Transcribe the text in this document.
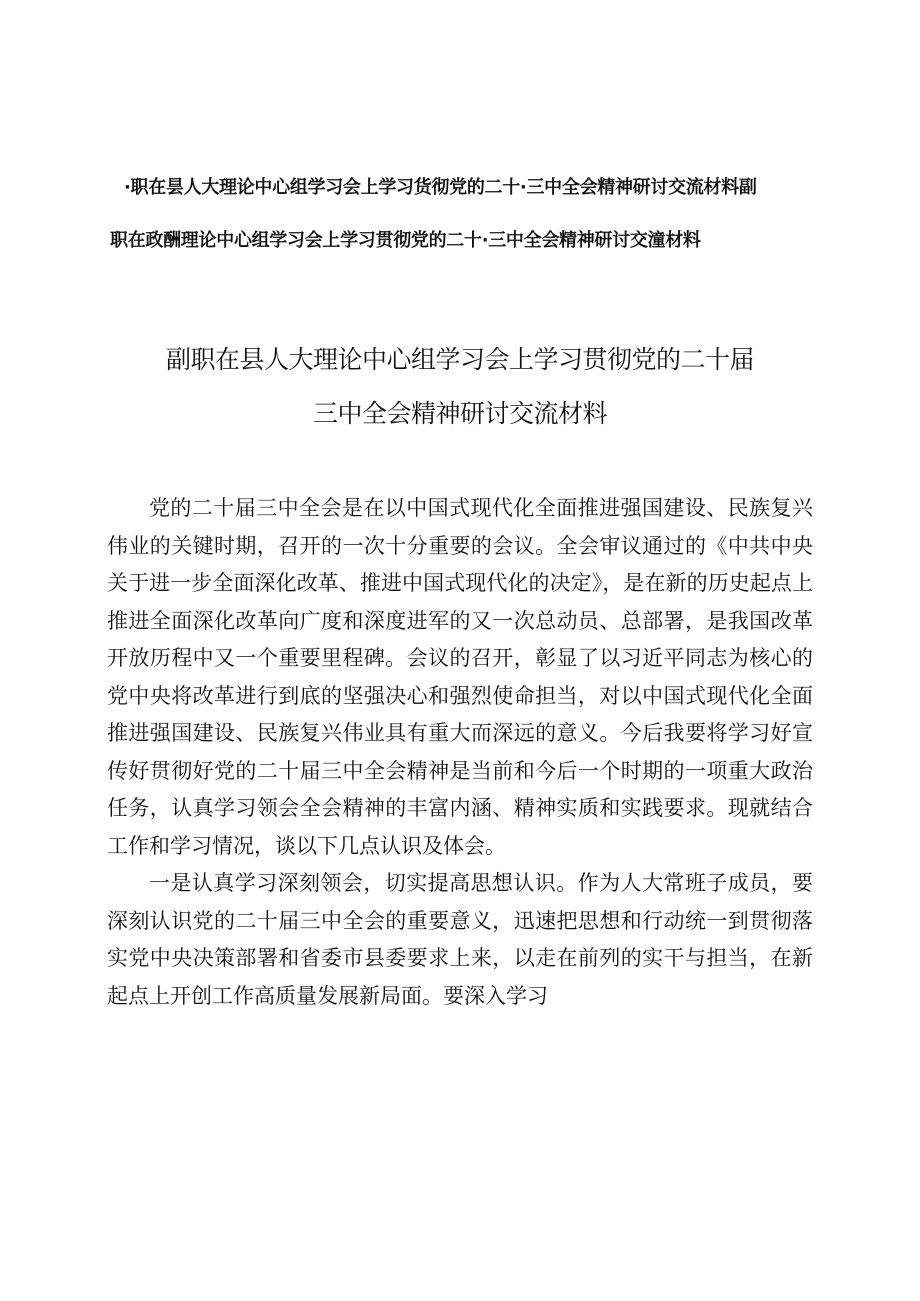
·职在昙人大理论中心组学习会上学习货彻党的二十·三中全会精神研讨交流材料副
职在政酬理论中心组学习会上学习贯彻党的二十·三中全会精神研讨交潼材料
副职在县人大理论中心组学习会上学习贯彻党的二十届
三中全会精神研讨交流材料

党的二十届三中全会是在以中国式现代化全面推进强国建设、民族复兴伟业的关键时期，召开的一次十分重要的会议。全会审议通过的《中共中央关于进一步全面深化改革、推进中国式现代化的决定》，是在新的历史起点上推进全面深化改革向广度和深度进军的又一次总动员、总部署，是我国改革开放历程中又一个重要里程碑。会议的召开，彰显了以习近平同志为核心的党中央将改革进行到底的坚强决心和强烈使命担当，对以中国式现代化全面推进强国建设、民族复兴伟业具有重大而深远的意义。今后我要将学习好宣传好贯彻好党的二十届三中全会精神是当前和今后一个时期的一项重大政治任务，认真学习领会全会精神的丰富内涵、精神实质和实践要求。现就结合工作和学习情况，谈以下几点认识及体会。

一是认真学习深刻领会，切实提高思想认识。作为人大常班子成员，要深刻认识党的二十届三中全会的重要意义，迅速把思想和行动统一到贯彻落实党中央决策部署和省委市县委要求上来，以走在前列的实干与担当，在新起点上开创工作高质量发展新局面。要深入学习
